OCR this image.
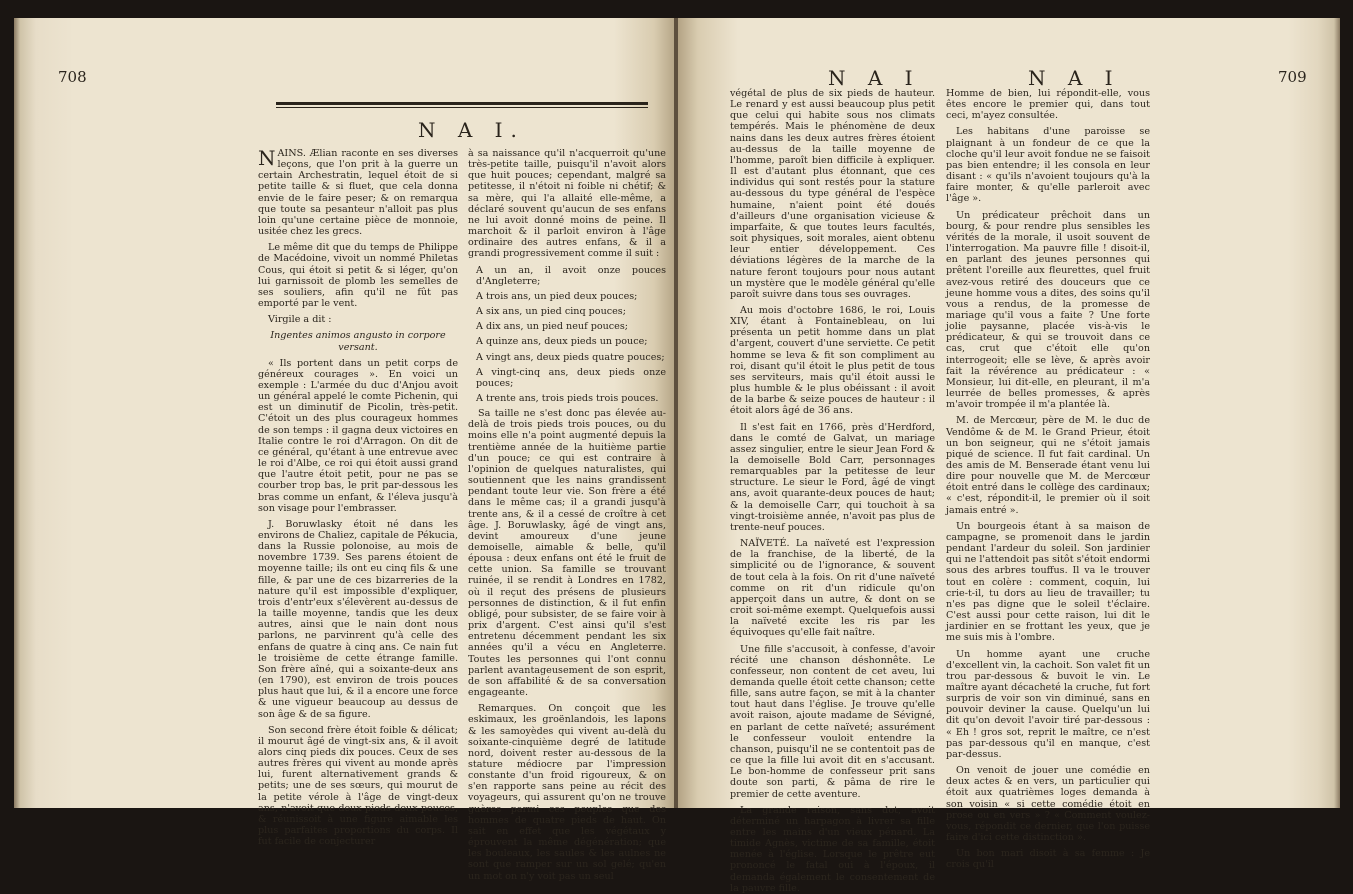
708
N A I.

NAINS. Ælian raconte en ses diverses leçons, que l'on prit à la guerre un certain Archestratin, lequel étoit de si petite taille & si fluet, que cela donna envie de le faire peser; & on remarqua que toute sa pesanteur n'alloit pas plus loin qu'une certaine pièce de monnoie, usitée chez les grecs.

Le même dit que du temps de Philippe de Macédoine, vivoit un nommé Philetas Cous, qui étoit si petit & si léger, qu'on lui garnissoit de plomb les semelles de ses souliers, afin qu'il ne fût pas emporté par le vent.

Virgile a dit :

Ingentes animos angusto in corpore versant.

« Ils portent dans un petit corps de généreux courages ». En voici un exemple : L'armée du duc d'Anjou avoit un général appelé le comte Pichenin, qui est un diminutif de Picolin, très-petit. C'étoit un des plus courageux hommes de son temps : il gagna deux victoires en Italie contre le roi d'Arragon. On dit de ce général, qu'étant à une entrevue avec le roi d'Albe, ce roi qui étoit aussi grand que l'autre étoit petit, pour ne pas se courber trop bas, le prit par-dessous les bras comme un enfant, & l'éleva jusqu'à son visage pour l'embrasser.

J. Boruwlasky étoit né dans les environs de Chaliez, capitale de Pékucia, dans la Russie polonoise, au mois de novembre 1739. Ses parens étoient de moyenne taille; ils ont eu cinq fils & une fille, & par une de ces bizarreries de la nature qu'il est impossible d'expliquer, trois d'entr'eux s'élevèrent au-dessus de la taille moyenne, tandis que les deux autres, ainsi que le nain dont nous parlons, ne parvinrent qu'à celle des enfans de quatre à cinq ans. Ce nain fut le troisième de cette étrange famille. Son frère aîné, qui a soixante-deux ans (en 1790), est environ de trois pouces plus haut que lui, & il a encore une force & une vigueur beaucoup au dessus de son âge & de sa figure.

Son second frère étoit foible & délicat; il mourut âgé de vingt-six ans, & il avoit alors cinq pieds dix pouces. Ceux de ses autres frères qui vivent au monde après lui, furent alternativement grands & petits; une de ses sœurs, qui mourut de la petite vérole à l'âge de vingt-deux ans, n'avoit que deux pieds deux pouces, & réunissoit à une figure aimable les plus parfaites proportions du corps. Il fut facile de conjecturer

à sa naissance qu'il n'acquerroit qu'une très-petite taille, puisqu'il n'avoit alors que huit pouces; cependant, malgré sa petitesse, il n'étoit ni foible ni chétif; & sa mère, qui l'a allaité elle-même, a déclaré souvent qu'aucun de ses enfans ne lui avoit donné moins de peine. Il marchoit & il parloit environ à l'âge ordinaire des autres enfans, & il a grandi progressivement comme il suit :

A un an, il avoit onze pouces d'Angleterre;

A trois ans, un pied deux pouces;

A six ans, un pied cinq pouces;

A dix ans, un pied neuf pouces;

A quinze ans, deux pieds un pouce;

A vingt ans, deux pieds quatre pouces;

A vingt-cinq ans, deux pieds onze pouces;

A trente ans, trois pieds trois pouces.

Sa taille ne s'est donc pas élevée au-delà de trois pieds trois pouces, ou du moins elle n'a point augmenté depuis la trentième année de la huitième partie d'un pouce; ce qui est contraire à l'opinion de quelques naturalistes, qui soutiennent que les nains grandissent pendant toute leur vie. Son frère a été dans le même cas; il a grandi jusqu'à trente ans, & il a cessé de croître à cet âge. J. Boruwlasky, âgé de vingt ans, devint amoureux d'une jeune demoiselle, aimable & belle, qu'il épousa : deux enfans ont été le fruit de cette union. Sa famille se trouvant ruinée, il se rendit à Londres en 1782, où il reçut des présens de plusieurs personnes de distinction, & il fut enfin obligé, pour subsister, de se faire voir à prix d'argent. C'est ainsi qu'il s'est entretenu décemment pendant les six années qu'il a vécu en Angleterre. Toutes les personnes qui l'ont connu parlent avantageusement de son esprit, de son affabilité & de sa conversation engageante.

Remarques. On conçoit que les eskimaux, les groënlandois, les lapons & les samoyèdes qui vivent au-delà du soixante-cinquième degré de latitude nord, doivent rester au-dessous de la stature médiocre par l'impression constante d'un froid rigoureux, & on s'en rapporte sans peine au récit des voyageurs, qui assurent qu'on ne trouve guères parmi ces peuples que des hommes de quatre pieds de haut. On sait en effet que les végétaux y éprouvent la même dégénération; que les bouleaux, les saules & les aulnes ne sont que ramper sur un sol gelé; qu'en un mot on n'y voit pas un seul

N A I	N A I	709

végétal de plus de six pieds de hauteur. Le renard y est aussi beaucoup plus petit que celui qui habite sous nos climats tempérés. Mais le phénomène de deux nains dans les deux autres frères étoient au-dessus de la taille moyenne de l'homme, paroît bien difficile à expliquer. Il est d'autant plus étonnant, que ces individus qui sont restés pour la stature au-dessous du type général de l'espèce humaine, n'aient point été doués d'ailleurs d'une organisation vicieuse & imparfaite, & que toutes leurs facultés, soit physiques, soit morales, aient obtenu leur entier développement. Ces déviations légères de la marche de la nature feront toujours pour nous autant un mystère que le modèle général qu'elle paroît suivre dans tous ses ouvrages.

Au mois d'octobre 1686, le roi, Louis XIV, étant à Fontainebleau, on lui présenta un petit homme dans un plat d'argent, couvert d'une serviette. Ce petit homme se leva & fit son compliment au roi, disant qu'il étoit le plus petit de tous ses serviteurs, mais qu'il étoit aussi le plus humble & le plus obéissant : il avoit de la barbe & seize pouces de hauteur : il étoit alors âgé de 36 ans.

Il s'est fait en 1766, près d'Herdford, dans le comté de Galvat, un mariage assez singulier, entre le sieur Jean Ford & la demoiselle Bold Carr, personnages remarquables par la petitesse de leur structure. Le sieur le Ford, âgé de vingt ans, avoit quarante-deux pouces de haut; & la demoiselle Carr, qui touchoit à sa vingt-troisième année, n'avoit pas plus de trente-neuf pouces.

NAÏVETÉ. La naïveté est l'expression de la franchise, de la liberté, de la simplicité ou de l'ignorance, & souvent de tout cela à la fois. On rit d'une naïveté comme on rit d'un ridicule qu'on apperçoit dans un autre, & dont on se croit soi-même exempt. Quelquefois aussi la naïveté excite les ris par les équivoques qu'elle fait naître.

Une fille s'accusoit, à confesse, d'avoir récité une chanson déshonnête. Le confesseur, non content de cet aveu, lui demanda quelle étoit cette chanson; cette fille, sans autre façon, se mit à la chanter tout haut dans l'église. Je trouve qu'elle avoit raison, ajoute madame de Sévigné, en parlant de cette naïveté; assurément le confesseur vouloit entendre la chanson, puisqu'il ne se contentoit pas de ce que la fille lui avoit dit en s'accusant. Le bon-homme de confesseur prit sans doute son parti, & pâma de rire le premier de cette aventure.

La grande raison, sans dot, avoit déterminé un harpagon à livrer sa fille entre les mains d'un vieux pénard. La timide Agnès, victime de sa famille, étoit menée à l'église. Lorsque le prêtre eut prononcé le fatal oui à l'époux, il demanda également le consentement de la pauvre fille.

Homme de bien, lui répondit-elle, vous êtes encore le premier qui, dans tout ceci, m'ayez consultée.

Les habitans d'une paroisse se plaignant à un fondeur de ce que la cloche qu'il leur avoit fondue ne se faisoit pas bien entendre; il les consola en leur disant : « qu'ils n'avoient toujours qu'à la faire monter, & qu'elle parleroit avec l'âge ».

Un prédicateur prêchoit dans un bourg, & pour rendre plus sensibles les vérités de la morale, il usoit souvent de l'interrogation. Ma pauvre fille ! disoit-il, en parlant des jeunes personnes qui prêtent l'oreille aux fleurettes, quel fruit avez-vous retiré des douceurs que ce jeune homme vous a dites, des soins qu'il vous a rendus, de la promesse de mariage qu'il vous a faite ? Une forte jolie paysanne, placée vis-à-vis le prédicateur, & qui se trouvoit dans ce cas, crut que c'étoit elle qu'on interrogeoit; elle se lève, & après avoir fait la révérence au prédicateur : « Monsieur, lui dit-elle, en pleurant, il m'a leurrée de belles promesses, & après m'avoir trompée il m'a plantée là.

M. de Mercœur, père de M. le duc de Vendôme & de M. le Grand Prieur, étoit un bon seigneur, qui ne s'étoit jamais piqué de science. Il fut fait cardinal. Un des amis de M. Benserade étant venu lui dire pour nouvelle que M. de Mercœur étoit entré dans le collège des cardinaux; « c'est, répondit-il, le premier où il soit jamais entré ».

Un bourgeois étant à sa maison de campagne, se promenoit dans le jardin pendant l'ardeur du soleil. Son jardinier qui ne l'attendoit pas sitôt s'étoit endormi sous des arbres touffus. Il va le trouver tout en colère : comment, coquin, lui crie-t-il, tu dors au lieu de travailler; tu n'es pas digne que le soleil t'éclaire. C'est aussi pour cette raison, lui dit le jardinier en se frottant les yeux, que je me suis mis à l'ombre.

Un homme ayant une cruche d'excellent vin, la cachoit. Son valet fit un trou par-dessous & buvoit le vin. Le maître ayant décacheté la cruche, fut fort surpris de voir son vin diminué, sans en pouvoir deviner la cause. Quelqu'un lui dit qu'on devoit l'avoir tiré par-dessous : « Eh ! gros sot, reprit le maître, ce n'est pas par-dessous qu'il en manque, c'est par-dessus.

On venoit de jouer une comédie en deux actes & en vers, un particulier qui étoit aux quatrièmes loges demanda à son voisin « si cette comédie étoit en prose ou en vers » ? « Comment voulez-vous, répondit ce dernier, que l'on puisse faire d'ici cette distinction ».

Un bon mari disoit à sa femme : Je crois qu'il
